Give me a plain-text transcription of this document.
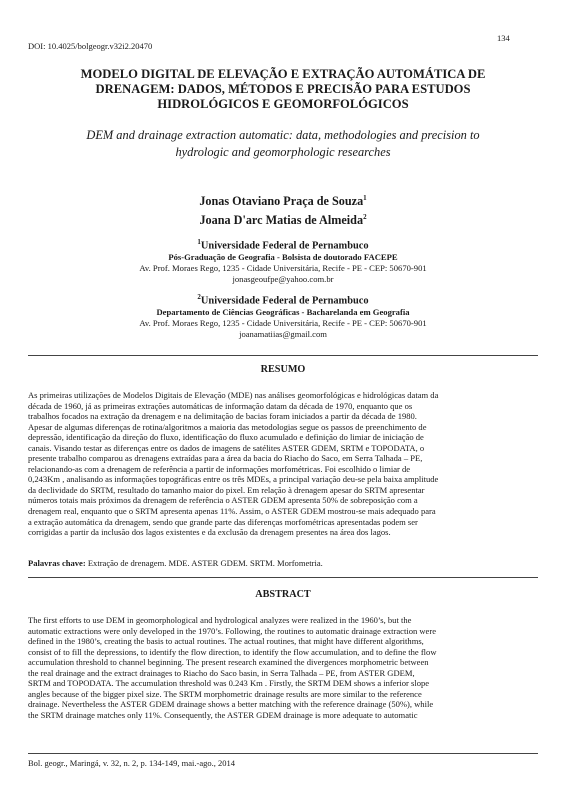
DOI: 10.4025/bolgeogr.v32i2.20470
134
MODELO DIGITAL DE ELEVAÇÃO E EXTRAÇÃO AUTOMÁTICA DE
DRENAGEM: DADOS, MÉTODOS E PRECISÃO PARA ESTUDOS
HIDROLÓGICOS E GEOMORFOLÓGICOS
DEM and drainage extraction automatic: data, methodologies and precision to
hydrologic and geomorphologic researches
Jonas Otaviano Praça de Souza$^1$
Joana D'arc Matias de Almeida$^2$
$^1$Universidade Federal de Pernambuco
Pós-Graduação de Geografia - Bolsista de doutorado FACEPE
Av. Prof. Moraes Rego, 1235 - Cidade Universitária, Recife - PE - CEP: 50670-901
jonasgeoufpe@yahoo.com.br
$^2$Universidade Federal de Pernambuco
Departamento de Ciências Geográficas - Bacharelanda em Geografia
Av. Prof. Moraes Rego, 1235 - Cidade Universitária, Recife - PE - CEP: 50670-901
joanamatiias@gmail.com
RESUMO
As primeiras utilizações de Modelos Digitais de Elevação (MDE) nas análises geomorfológicas e hidrológicas datam da
década de 1960, já as primeiras extrações automáticas de informação datam da década de 1970, enquanto que os
trabalhos focados na extração da drenagem e na delimitação de bacias foram iniciados a partir da década de 1980.
Apesar de algumas diferenças de rotina/algoritmos a maioria das metodologias segue os passos de preenchimento de
depressão, identificação da direção do fluxo, identificação do fluxo acumulado e definição do limiar de iniciação de
canais. Visando testar as diferenças entre os dados de imagens de satélites ASTER GDEM, SRTM e TOPODATA, o
presente trabalho comparou as drenagens extraídas para a área da bacia do Riacho do Saco, em Serra Talhada – PE,
relacionando-as com a drenagem de referência a partir de informações morfométricas. Foi escolhido o limiar de
0,243Km , analisando as informações topográficas entre os três MDEs, a principal variação deu-se pela baixa amplitude
da declividade do SRTM, resultado do tamanho maior do pixel. Em relação à drenagem apesar do SRTM apresentar
números totais mais próximos da drenagem de referência o ASTER GDEM apresenta 50% de sobreposição com a
drenagem real, enquanto que o SRTM apresenta apenas 11%. Assim, o ASTER GDEM mostrou-se mais adequado para
a extração automática da drenagem, sendo que grande parte das diferenças morfométricas apresentadas podem ser
corrigidas a partir da inclusão dos lagos existentes e da exclusão da drenagem presentes na área dos lagos.
Palavras chave: Extração de drenagem. MDE. ASTER GDEM. SRTM. Morfometria.
ABSTRACT
The first efforts to use DEM in geomorphological and hydrological analyzes were realized in the 1960’s, but the
automatic extractions were only developed in the 1970’s. Following, the routines to automatic drainage extraction were
defined in the 1980’s, creating the basis to actual routines. The actual routines, that might have different algorithms,
consist of to fill the depressions, to identify the flow direction, to identify the flow accumulation, and to define the flow
accumulation threshold to channel beginning. The present research examined the divergences morphometric between
the real drainage and the extract drainages to Riacho do Saco basin, in Serra Talhada – PE, from ASTER GDEM,
SRTM and TOPODATA. The accumulation threshold was 0.243 Km . Firstly, the SRTM DEM shows a inferior slope
angles because of the bigger pixel size. The SRTM morphometric drainage results are more similar to the reference
drainage. Nevertheless the ASTER GDEM drainage shows a better matching with the reference drainage (50%), while
the SRTM drainage matches only 11%. Consequently, the ASTER GDEM drainage is more adequate to automatic
Bol. geogr., Maringá, v. 32, n. 2, p. 134-149, mai.-ago., 2014
